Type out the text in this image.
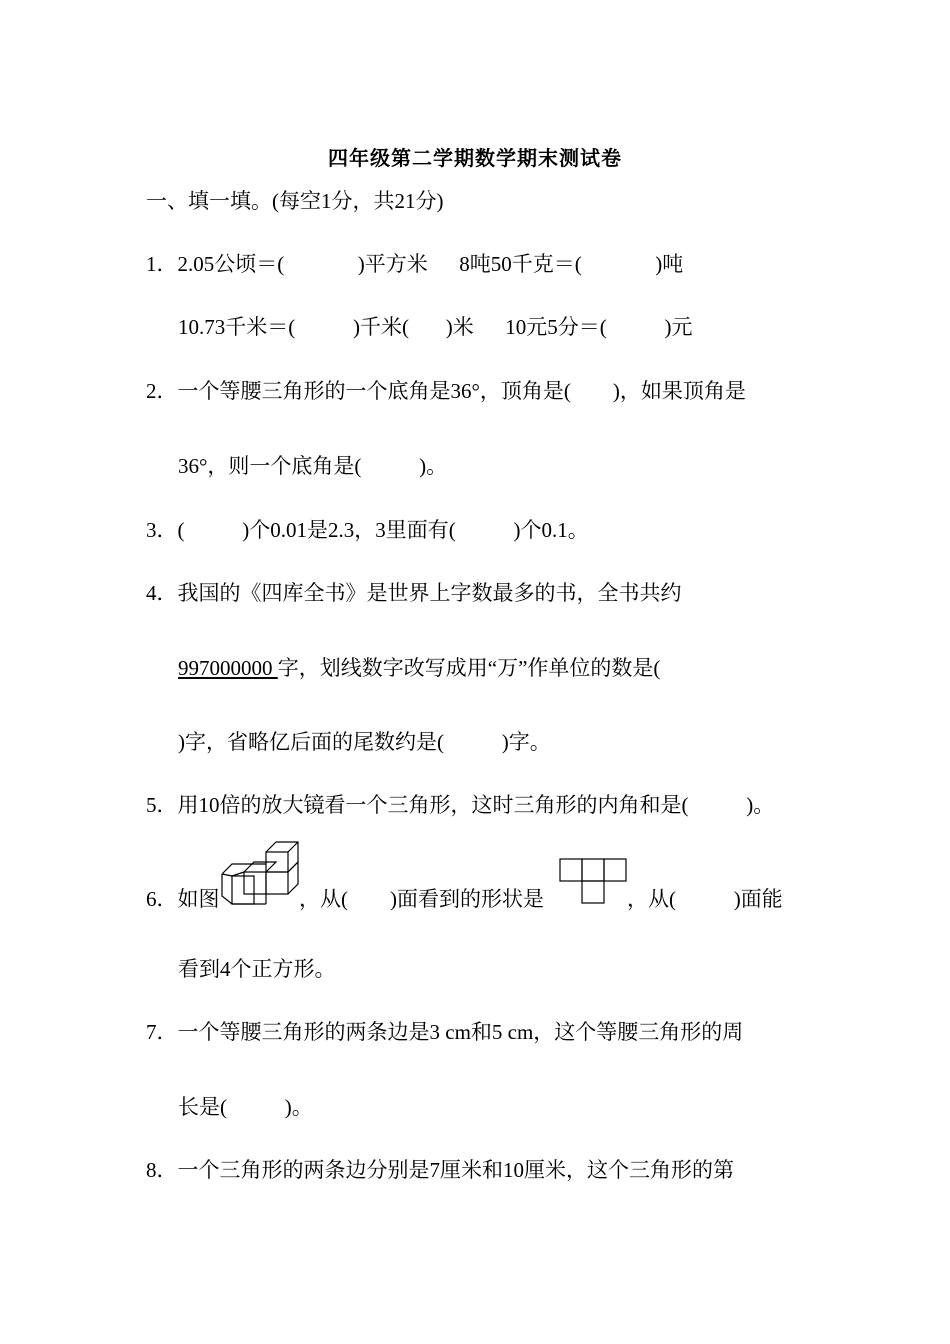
四年级第二学期数学期末测试卷
一、填一填。(每空1分，共21分)
1．2.05公顷＝(              )平方米      8吨50千克＝(              )吨
10.73千米＝(           )千米(       )米      10元5分＝(           )元
2．一个等腰三角形的一个底角是36°，顶角是(        )，如果顶角是
36°，则一个底角是(           )。
3．(           )个0.01是2.3，3里面有(           )个0.1。
4．我国的《四库全书》是世界上字数最多的书，全书共约
997000000 字，划线数字改写成用“万”作单位的数是(
)字，省略亿后面的尾数约是(           )字。
5．用10倍的放大镜看一个三角形，这时三角形的内角和是(           )。
6．如图	，从(        )面看到的形状是	，从(           )面能
看到4个正方形。
7．一个等腰三角形的两条边是3 cm和5 cm，这个等腰三角形的周
长是(           )。
8．一个三角形的两条边分别是7厘米和10厘米，这个三角形的第
